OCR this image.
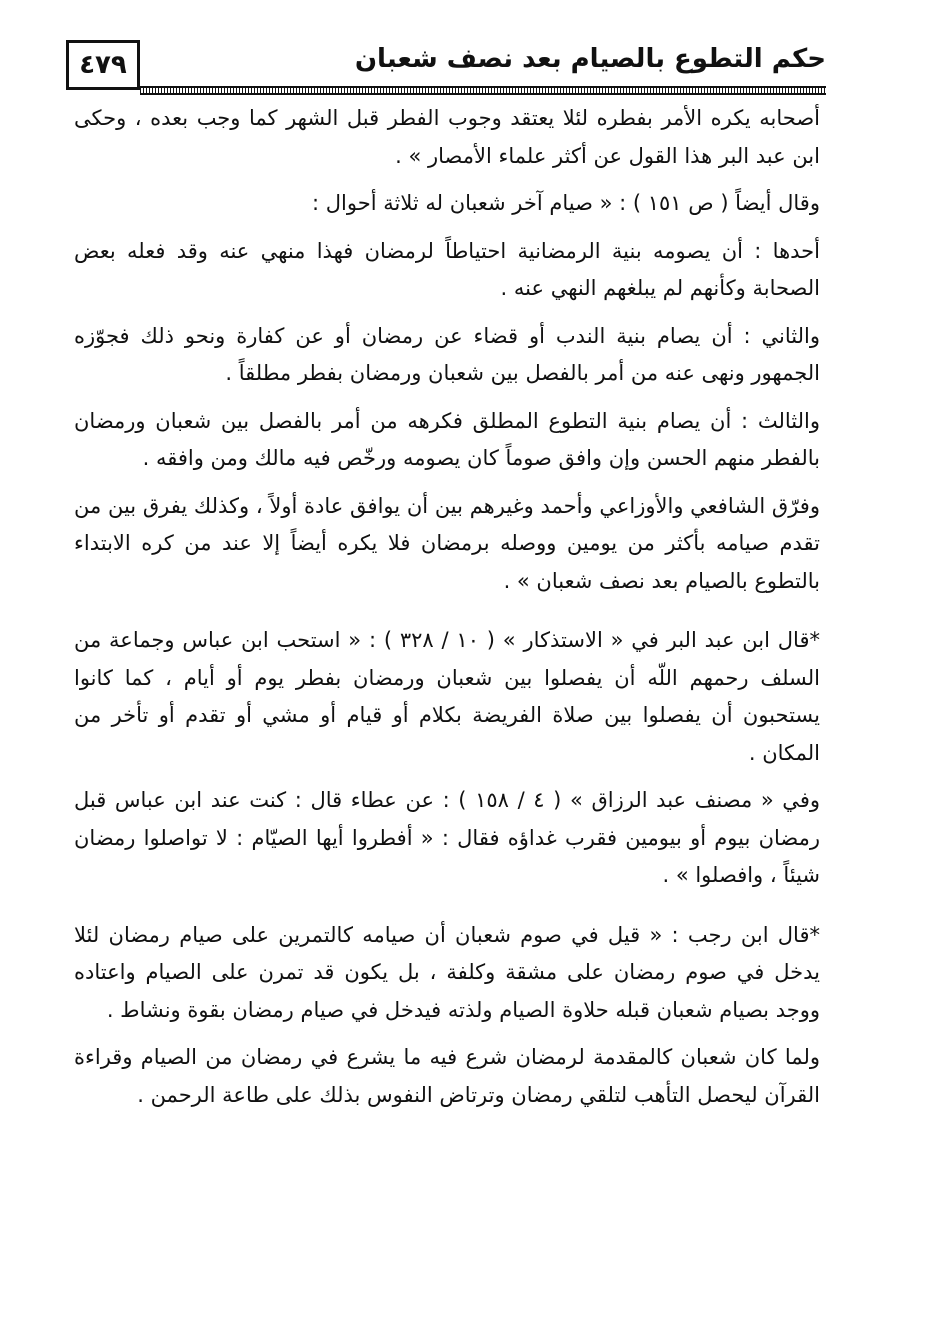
٤٧٩	حكم التطوع بالصيام بعد نصف شعبان

أصحابه يكره الأمر بفطره لئلا يعتقد وجوب الفطر قبل الشهر كما وجب بعده ، وحكى ابن عبد البر هذا القول عن أكثر علماء الأمصار » .

وقال أيضاً ( ص ١٥١ ) : « صيام آخر شعبان له ثلاثة أحوال :

أحدها : أن يصومه بنية الرمضانية احتياطاً لرمضان فهذا منهي عنه وقد فعله بعض الصحابة وكأنهم لم يبلغهم النهي عنه .

والثاني : أن يصام بنية الندب أو قضاء عن رمضان أو عن كفارة ونحو ذلك فجوّزه الجمهور ونهى عنه من أمر بالفصل بين شعبان ورمضان بفطر مطلقاً .

والثالث : أن يصام بنية التطوع المطلق فكرهه من أمر بالفصل بين شعبان ورمضان بالفطر منهم الحسن وإن وافق صوماً كان يصومه ورخّص فيه مالك ومن وافقه .

وفرّق الشافعي والأوزاعي وأحمد وغيرهم بين أن يوافق عادة أولاً ، وكذلك يفرق بين من تقدم صيامه بأكثر من يومين ووصله برمضان فلا يكره أيضاً إلا عند من كره الابتداء بالتطوع بالصيام بعد نصف شعبان » .

*قال ابن عبد البر في « الاستذكار » ( ١٠ / ٣٢٨ ) : « استحب ابن عباس وجماعة من السلف رحمهم اللّه أن يفصلوا بين شعبان ورمضان بفطر يوم أو أيام ، كما كانوا يستحبون أن يفصلوا بين صلاة الفريضة بكلام أو قيام أو مشي أو تقدم أو تأخر من المكان .

وفي « مصنف عبد الرزاق » ( ٤ / ١٥٨ ) : عن عطاء قال : كنت عند ابن عباس قبل رمضان بيوم أو بيومين فقرب غداؤه فقال : « أفطروا أيها الصيّام : لا تواصلوا رمضان شيئاً ، وافصلوا » .

*قال ابن رجب : « قيل في صوم شعبان أن صيامه كالتمرين على صيام رمضان لئلا يدخل في صوم رمضان على مشقة وكلفة ، بل يكون قد تمرن على الصيام واعتاده ووجد بصيام شعبان قبله حلاوة الصيام ولذته فيدخل في صيام رمضان بقوة ونشاط .

ولما كان شعبان كالمقدمة لرمضان شرع فيه ما يشرع في رمضان من الصيام وقراءة القرآن ليحصل التأهب لتلقي رمضان وترتاض النفوس بذلك على طاعة الرحمن .
